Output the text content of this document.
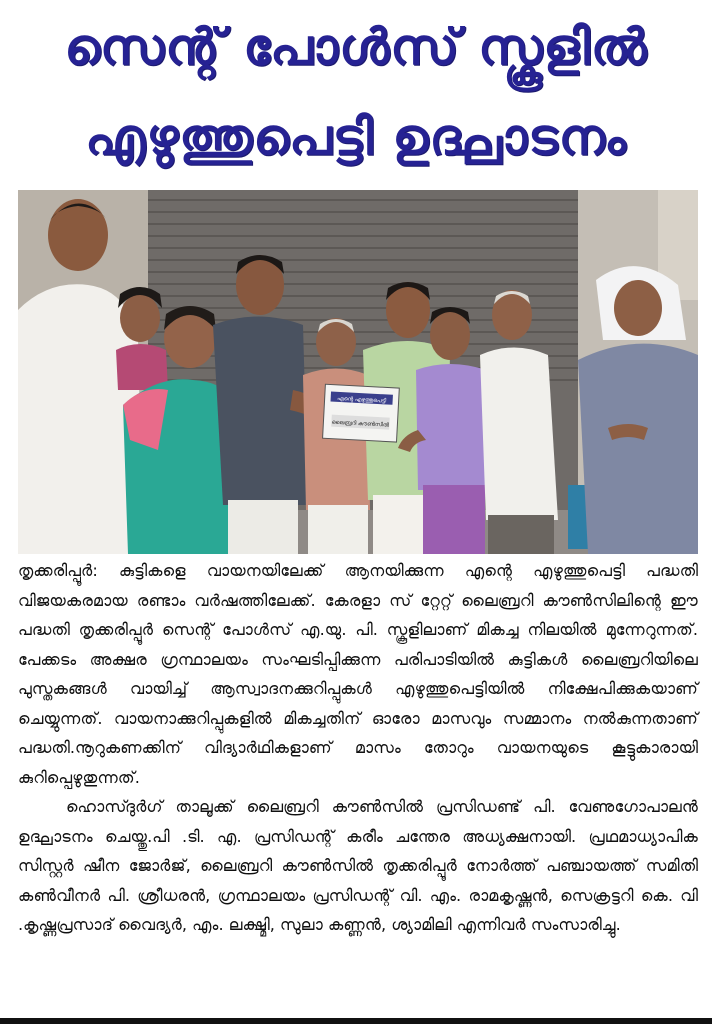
സെന്റ് പോൾസ് സ്കൂളിൽ
എഴുത്തുപെട്ടി ഉദ്ഘാടനം
എന്റെ എഴുത്തുപെട്ടി
ലൈബ്രറി കൗൺസിൽ

തൃക്കരിപ്പൂർ: കുട്ടികളെ വായനയിലേക്ക് ആനയിക്കുന്ന എന്റെ എഴുത്തുപെട്ടി പദ്ധതി വിജയകരമായ രണ്ടാം വർഷത്തിലേക്ക്. കേരളാ സ് റ്റേറ്റ് ലൈബ്രറി കൗൺസിലിന്റെ ഈ പദ്ധതി തൃക്കരിപ്പൂർ സെന്റ് പോൾസ് എ.യു. പി. സ്കൂളിലാണ് മികച്ച നിലയിൽ മുന്നേറുന്നത്. പേക്കടം അക്ഷര ഗ്രന്ഥാലയം സംഘടിപ്പിക്കുന്ന പരിപാടിയിൽ കുട്ടികൾ ലൈബ്രറിയിലെ പുസ്തകങ്ങൾ വായിച്ച് ആസ്വാദനക്കുറിപ്പുകൾ എഴുത്തുപെട്ടിയിൽ നിക്ഷേപിക്കുകയാണ് ചെയ്യുന്നത്. വായനാക്കുറിപ്പുകളിൽ മികച്ചതിന് ഓരോ മാസവും സമ്മാനം നൽകുന്നതാണ് പദ്ധതി.നൂറുകണക്കിന് വിദ്യാർഥികളാണ് മാസം തോറും വായനയുടെ കൂട്ടുകാരായി കുറിപ്പെഴുതുന്നത്.

ഹൊസ്ദുർഗ് താലൂക്ക് ലൈബ്രറി കൗൺസിൽ പ്രസിഡണ്ട് പി. വേണുഗോപാലൻ ഉദ്ഘാടനം ചെയ്തു.പി .ടി. എ. പ്രസിഡന്റ് കരീം ചന്തേര അധ്യക്ഷനായി. പ്രഥമാധ്യാപിക സിസ്റ്റർ ഷീന ജോർജ്, ലൈബ്രറി കൗൺസിൽ തൃക്കരിപ്പൂർ നോർത്ത് പഞ്ചായത്ത് സമിതി കൺവീനർ പി. ശ്രീധരൻ, ഗ്രന്ഥാലയം പ്രസിഡന്റ് വി. എം. രാമകൃഷ്ണൻ, സെക്രട്ടറി കെ. വി .കൃഷ്ണപ്രസാദ് വൈദ്യർ, എം. ലക്ഷ്മി, സുലാ കണ്ണൻ, ശ്യാമിലി എന്നിവർ സംസാരിച്ചു.
